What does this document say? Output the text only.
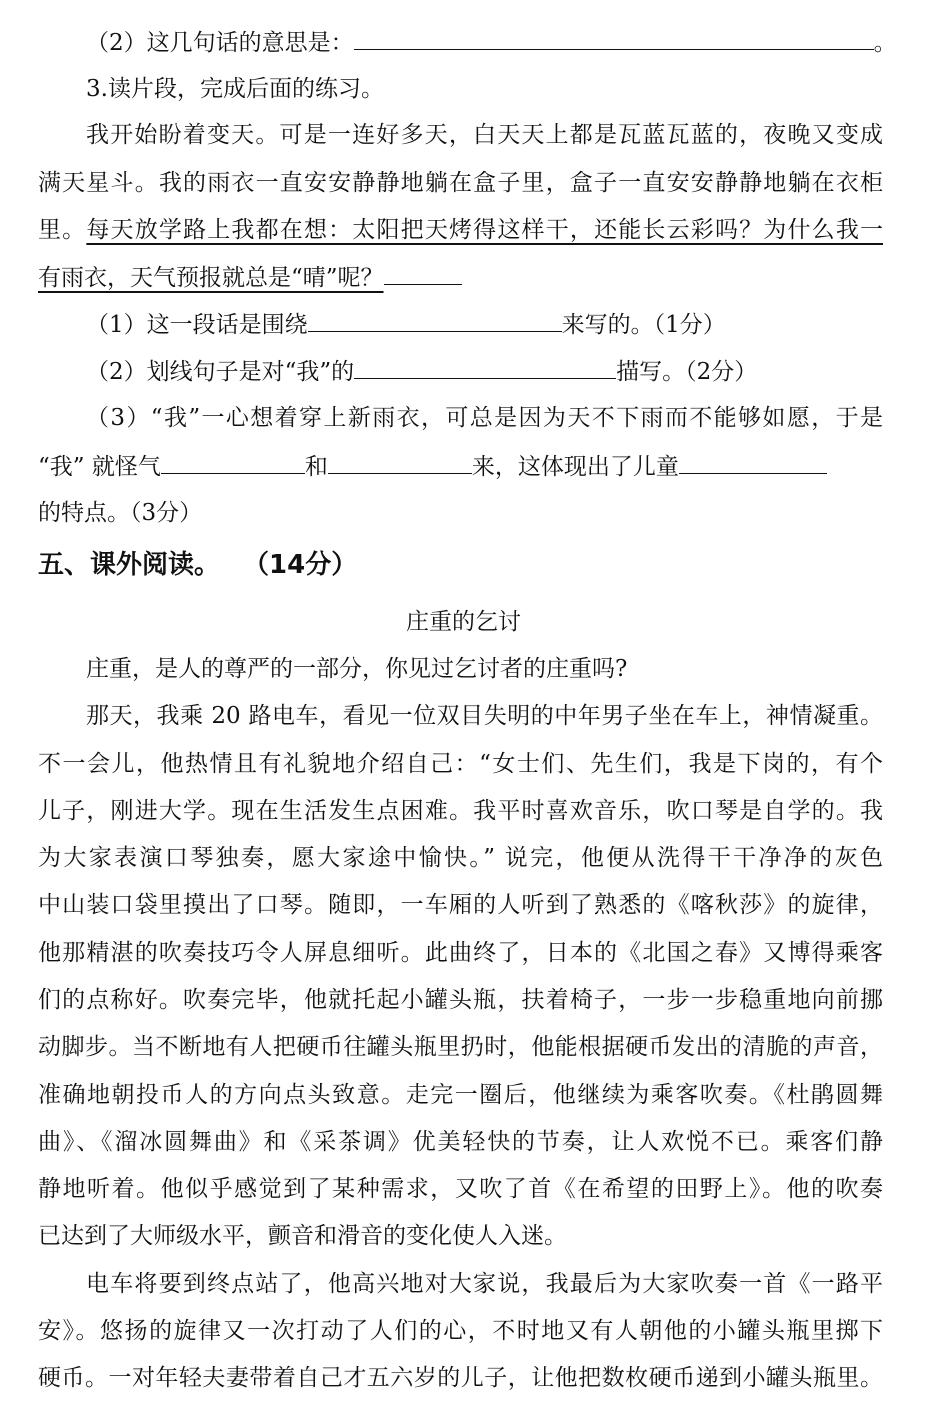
（2）这几句话的意思是：	。
3.读片段，完成后面的练习。
我开始盼着变天。可是一连好多天，白天天上都是瓦蓝瓦蓝的，夜晚又变成
满天星斗。我的雨衣一直安安静静地躺在盒子里，盒子一直安安静静地躺在衣柜
里。每天放学路上我都在想：太阳把天烤得这样干，还能长云彩吗？为什么我一
有雨衣，天气预报就总是“晴”呢？
（1）这一段话是围绕	来写的。（1分）
（2）划线句子是对“我”的	描写。（2分）
（3）“我”一心想着穿上新雨衣，可总是因为天不下雨而不能够如愿，于是
“我” 就怪气	和	来，这体现出了儿童
的特点。（3分）
五、课外阅读。 （14分）
庄重的乞讨
庄重，是人的尊严的一部分，你见过乞讨者的庄重吗?
那天，我乘 20 路电车，看见一位双目失明的中年男子坐在车上，神情凝重。
不一会儿，他热情且有礼貌地介绍自己：“女士们、先生们，我是下岗的，有个
儿子，刚进大学。现在生活发生点困难。我平时喜欢音乐，吹口琴是自学的。我
为大家表演口琴独奏，愿大家途中愉快。” 说完，他便从洗得干干净净的灰色
中山装口袋里摸出了口琴。随即，一车厢的人听到了熟悉的《喀秋莎》的旋律，
他那精湛的吹奏技巧令人屏息细听。此曲终了，日本的《北国之春》又博得乘客
们的点称好。吹奏完毕，他就托起小罐头瓶，扶着椅子，一步一步稳重地向前挪
动脚步。当不断地有人把硬币往罐头瓶里扔时，他能根据硬币发出的清脆的声音，
准确地朝投币人的方向点头致意。走完一圈后，他继续为乘客吹奏。《杜鹃圆舞
曲》、《溜冰圆舞曲》和《采茶调》优美轻快的节奏，让人欢悦不已。乘客们静
静地听着。他似乎感觉到了某种需求，又吹了首《在希望的田野上》。他的吹奏
已达到了大师级水平，颤音和滑音的变化使人入迷。
电车将要到终点站了，他高兴地对大家说，我最后为大家吹奏一首《一路平
安》。悠扬的旋律又一次打动了人们的心，不时地又有人朝他的小罐头瓶里掷下
硬币。一对年轻夫妻带着自己才五六岁的儿子，让他把数枚硬币递到小罐头瓶里。
